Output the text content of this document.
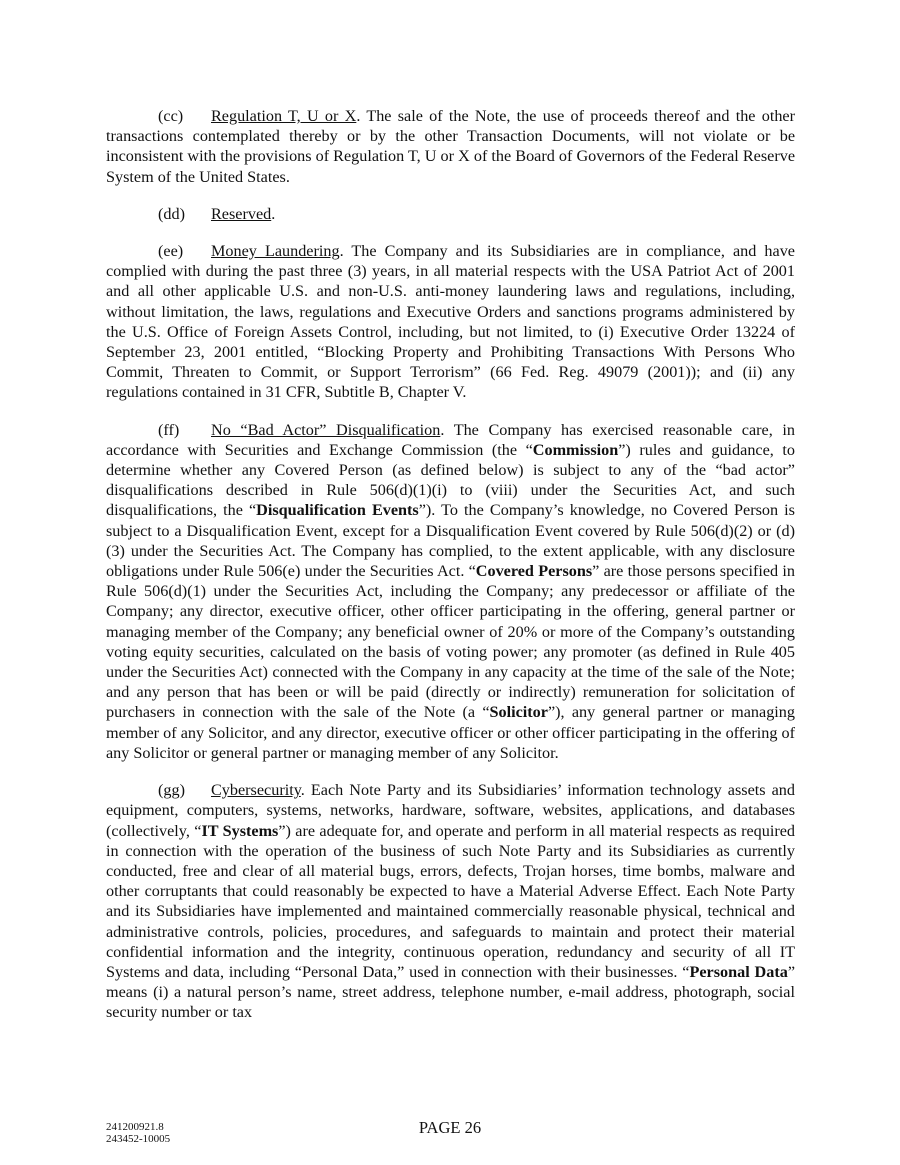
(cc) Regulation T, U or X. The sale of the Note, the use of proceeds thereof and the other transactions contemplated thereby or by the other Transaction Documents, will not violate or be inconsistent with the provisions of Regulation T, U or X of the Board of Governors of the Federal Reserve System of the United States.

(dd) Reserved.

(ee) Money Laundering. The Company and its Subsidiaries are in compliance, and have complied with during the past three (3) years, in all material respects with the USA Patriot Act of 2001 and all other applicable U.S. and non-U.S. anti-money laundering laws and regulations, including, without limitation, the laws, regulations and Executive Orders and sanctions programs administered by the U.S. Office of Foreign Assets Control, including, but not limited, to (i) Executive Order 13224 of September 23, 2001 entitled, “Blocking Property and Prohibiting Transactions With Persons Who Commit, Threaten to Commit, or Support Terrorism” (66 Fed. Reg. 49079 (2001)); and (ii) any regulations contained in 31 CFR, Subtitle B, Chapter V.

(ff) No “Bad Actor” Disqualification. The Company has exercised reasonable care, in accordance with Securities and Exchange Commission (the “Commission”) rules and guidance, to determine whether any Covered Person (as defined below) is subject to any of the “bad actor” disqualifications described in Rule 506(d)(1)(i) to (viii) under the Securities Act, and such disqualifications, the “Disqualification Events”). To the Company’s knowledge, no Covered Person is subject to a Disqualification Event, except for a Disqualification Event covered by Rule 506(d)(2) or (d)(3) under the Securities Act. The Company has complied, to the extent applicable, with any disclosure obligations under Rule 506(e) under the Securities Act. “Covered Persons” are those persons specified in Rule 506(d)(1) under the Securities Act, including the Company; any predecessor or affiliate of the Company; any director, executive officer, other officer participating in the offering, general partner or managing member of the Company; any beneficial owner of 20% or more of the Company’s outstanding voting equity securities, calculated on the basis of voting power; any promoter (as defined in Rule 405 under the Securities Act) connected with the Company in any capacity at the time of the sale of the Note; and any person that has been or will be paid (directly or indirectly) remuneration for solicitation of purchasers in connection with the sale of the Note (a “Solicitor”), any general partner or managing member of any Solicitor, and any director, executive officer or other officer participating in the offering of any Solicitor or general partner or managing member of any Solicitor.

(gg) Cybersecurity. Each Note Party and its Subsidiaries’ information technology assets and equipment, computers, systems, networks, hardware, software, websites, applications, and databases (collectively, “IT Systems”) are adequate for, and operate and perform in all material respects as required in connection with the operation of the business of such Note Party and its Subsidiaries as currently conducted, free and clear of all material bugs, errors, defects, Trojan horses, time bombs, malware and other corruptants that could reasonably be expected to have a Material Adverse Effect. Each Note Party and its Subsidiaries have implemented and maintained commercially reasonable physical, technical and administrative controls, policies, procedures, and safeguards to maintain and protect their material confidential information and the integrity, continuous operation, redundancy and security of all IT Systems and data, including “Personal Data,” used in connection with their businesses. “Personal Data” means (i) a natural person’s name, street address, telephone number, e-mail address, photograph, social security number or tax

241200921.8
243452-10005
PAGE 26
